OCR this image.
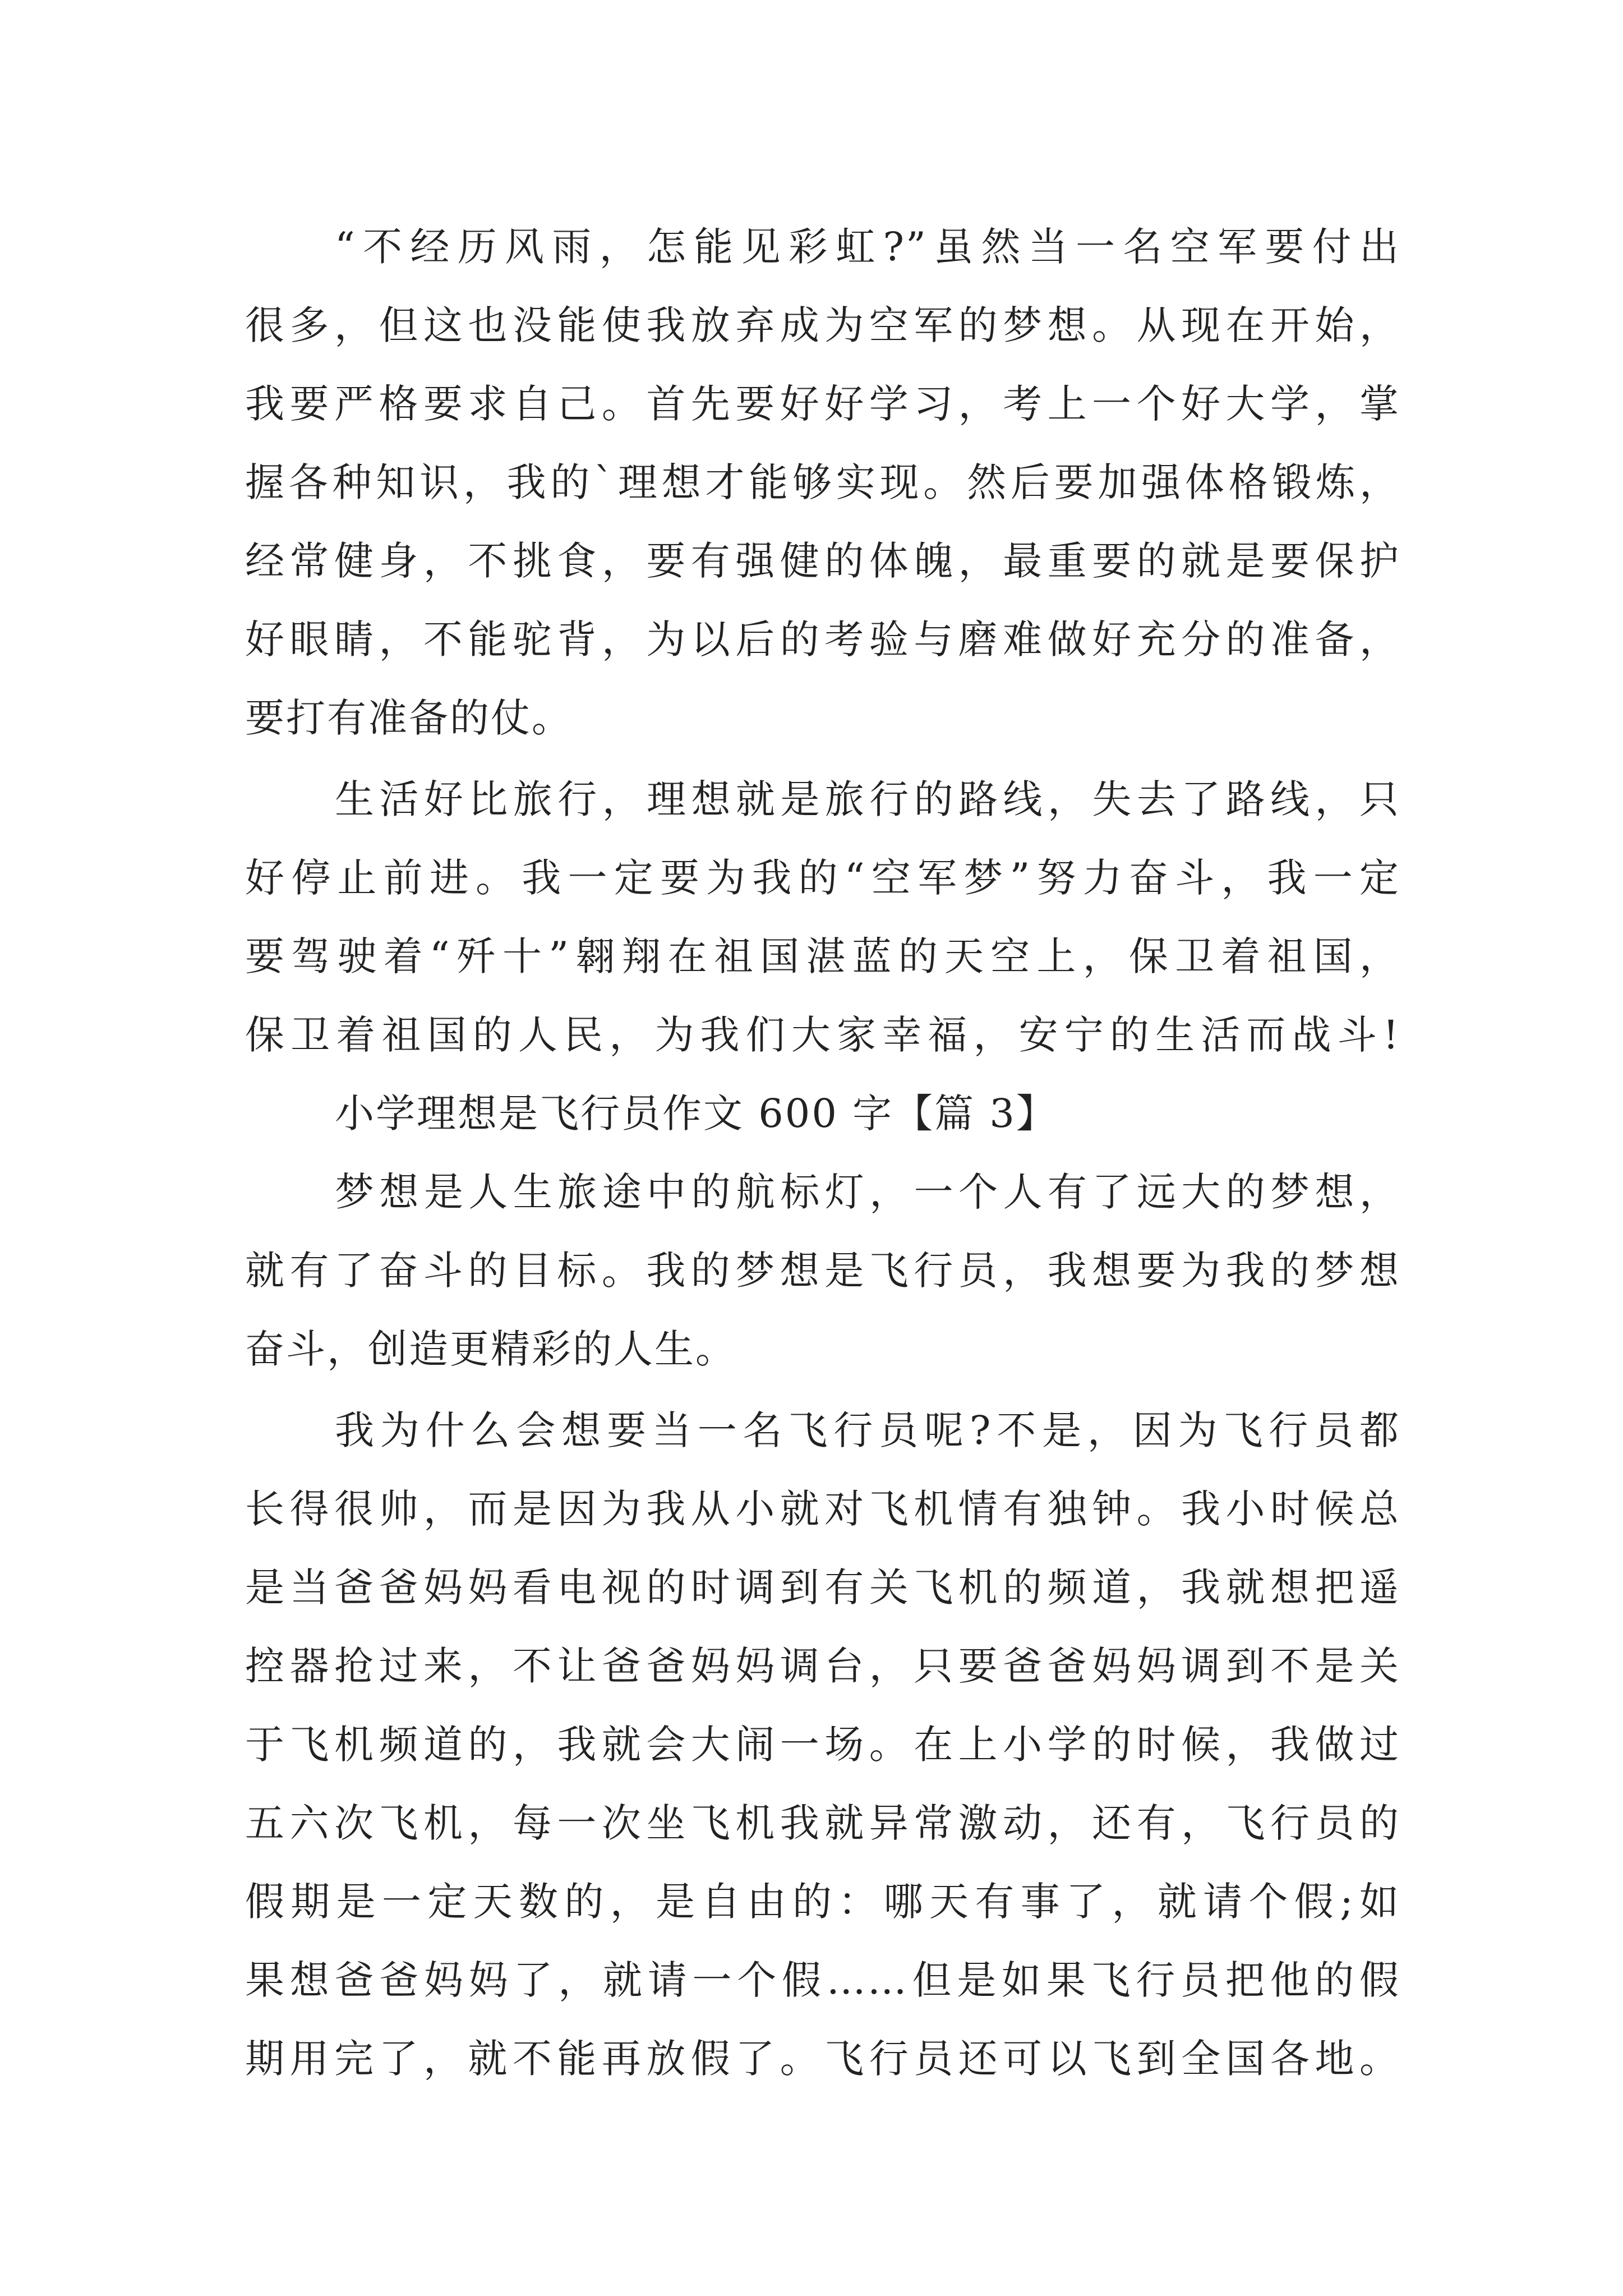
“不经历风雨，怎能见彩虹?”虽然当一名空军要付出
很多，但这也没能使我放弃成为空军的梦想。从现在开始，
我要严格要求自己。首先要好好学习，考上一个好大学，掌
握各种知识，我的`理想才能够实现。然后要加强体格锻炼，
经常健身，不挑食，要有强健的体魄，最重要的就是要保护
好眼睛，不能驼背，为以后的考验与磨难做好充分的准备，
要打有准备的仗。
生活好比旅行，理想就是旅行的路线，失去了路线，只
好停止前进。我一定要为我的“空军梦”努力奋斗，我一定
要驾驶着“歼十”翱翔在祖国湛蓝的天空上，保卫着祖国，
保卫着祖国的人民，为我们大家幸福，安宁的生活而战斗!
小学理想是飞行员作文 600 字【篇 3】
梦想是人生旅途中的航标灯，一个人有了远大的梦想，
就有了奋斗的目标。我的梦想是飞行员，我想要为我的梦想
奋斗，创造更精彩的人生。
我为什么会想要当一名飞行员呢?不是，因为飞行员都
长得很帅，而是因为我从小就对飞机情有独钟。我小时候总
是当爸爸妈妈看电视的时调到有关飞机的频道，我就想把遥
控器抢过来，不让爸爸妈妈调台，只要爸爸妈妈调到不是关
于飞机频道的，我就会大闹一场。在上小学的时候，我做过
五六次飞机，每一次坐飞机我就异常激动，还有，飞行员的
假期是一定天数的，是自由的：哪天有事了，就请个假;如
果想爸爸妈妈了，就请一个假……但是如果飞行员把他的假
期用完了，就不能再放假了。飞行员还可以飞到全国各地。
